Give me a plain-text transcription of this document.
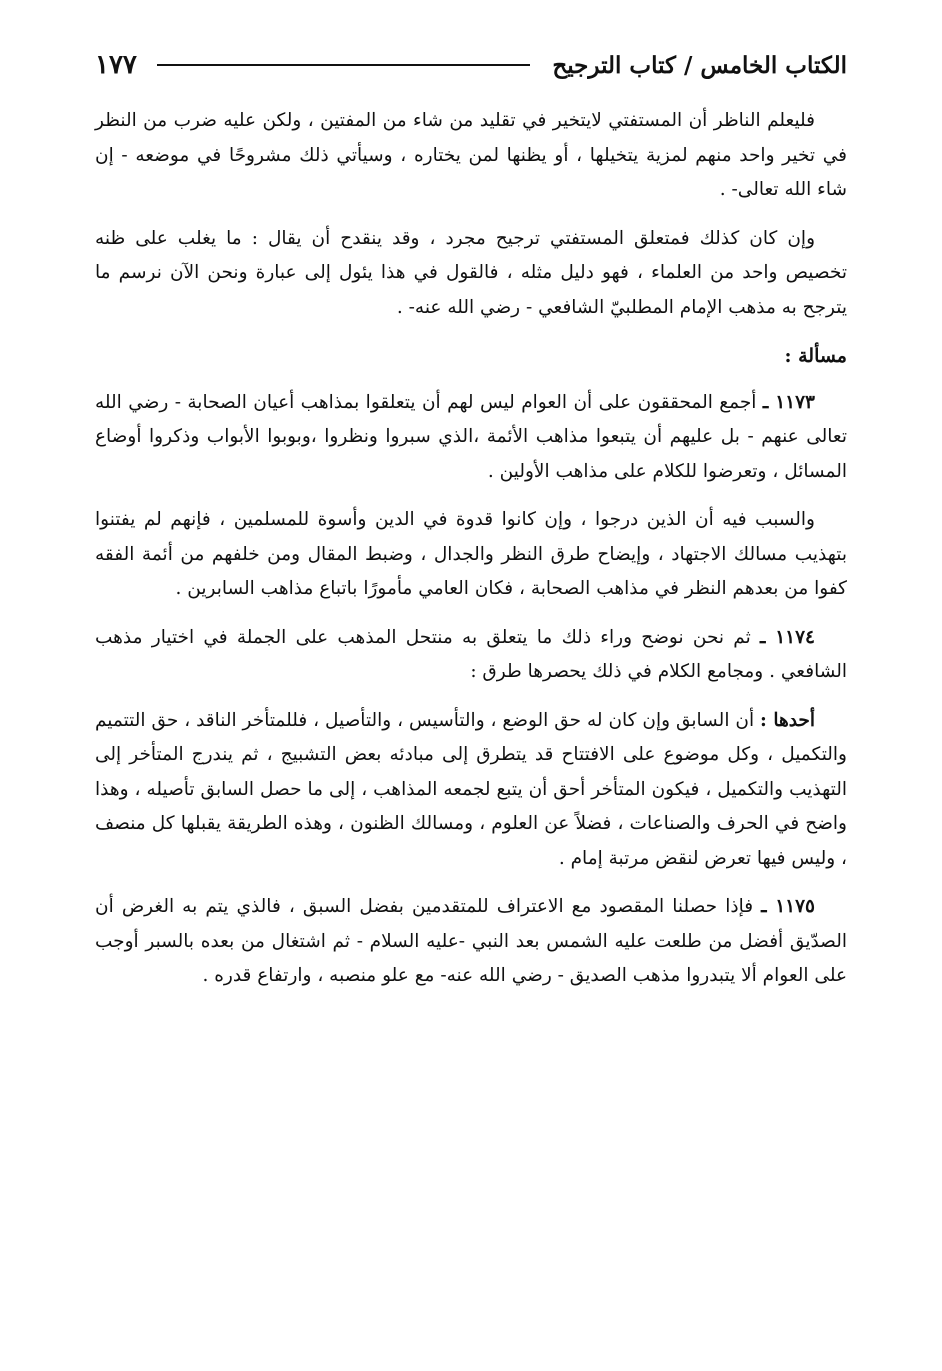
الكتاب الخامس / كتاب الترجيح
١٧٧

فليعلم الناظر أن المستفتي لايتخير في تقليد من شاء من المفتين ، ولكن عليه ضرب من النظر في تخير واحد منهم لمزية يتخيلها ، أو يظنها لمن يختاره ، وسيأتي ذلك مشروحًا في موضعه - إن شاء الله تعالى- .

وإن كان كذلك فمتعلق المستفتي ترجيح مجرد ، وقد ينقدح أن يقال : ما يغلب على ظنه تخصيص واحد من العلماء ، فهو دليل مثله ، فالقول في هذا يئول إلى عبارة ونحن الآن نرسم ما يترجح به مذهب الإمام المطلبيّ الشافعي - رضي الله عنه- .

مسألة :

١١٧٣ ـ أجمع المحققون على أن العوام ليس لهم أن يتعلقوا بمذاهب أعيان الصحابة - رضي الله تعالى عنهم - بل عليهم أن يتبعوا مذاهب الأئمة ،الذي سبروا ونظروا ،وبوبوا الأبواب وذكروا أوضاع المسائل ، وتعرضوا للكلام على مذاهب الأولين .

والسبب فيه أن الذين درجوا ، وإن كانوا قدوة في الدين وأسوة للمسلمين ، فإنهم لم يفتنوا بتهذيب مسالك الاجتهاد ، وإيضاح طرق النظر والجدال ، وضبط المقال ومن خلفهم من أئمة الفقه كفوا من بعدهم النظر في مذاهب الصحابة ، فكان العامي مأمورًا باتباع مذاهب السابرين .

١١٧٤ ـ ثم نحن نوضح وراء ذلك ما يتعلق به منتحل المذهب على الجملة في اختيار مذهب الشافعي . ومجامع الكلام في ذلك يحصرها طرق :

أحدها : أن السابق وإن كان له حق الوضع ، والتأسيس ، والتأصيل ، فللمتأخر الناقد ، حق التتميم والتكميل ، وكل موضوع على الافتتاح قد يتطرق إلى مبادئه بعض التشبيج ، ثم يندرج المتأخر إلى التهذيب والتكميل ، فيكون المتأخر أحق أن يتبع لجمعه المذاهب ، إلى ما حصل السابق تأصيله ، وهذا واضح في الحرف والصناعات ، فضلاً عن العلوم ، ومسالك الظنون ، وهذه الطريقة يقبلها كل منصف ، وليس فيها تعرض لنقض مرتبة إمام .

١١٧٥ ـ فإذا حصلنا المقصود مع الاعتراف للمتقدمين بفضل السبق ، فالذي يتم به الغرض أن الصدّيق أفضل من طلعت عليه الشمس بعد النبي -عليه السلام - ثم اشتغال من بعده بالسبر أوجب على العوام ألا يتبدروا مذهب الصديق - رضي الله عنه- مع علو منصبه ، وارتفاع قدره .
